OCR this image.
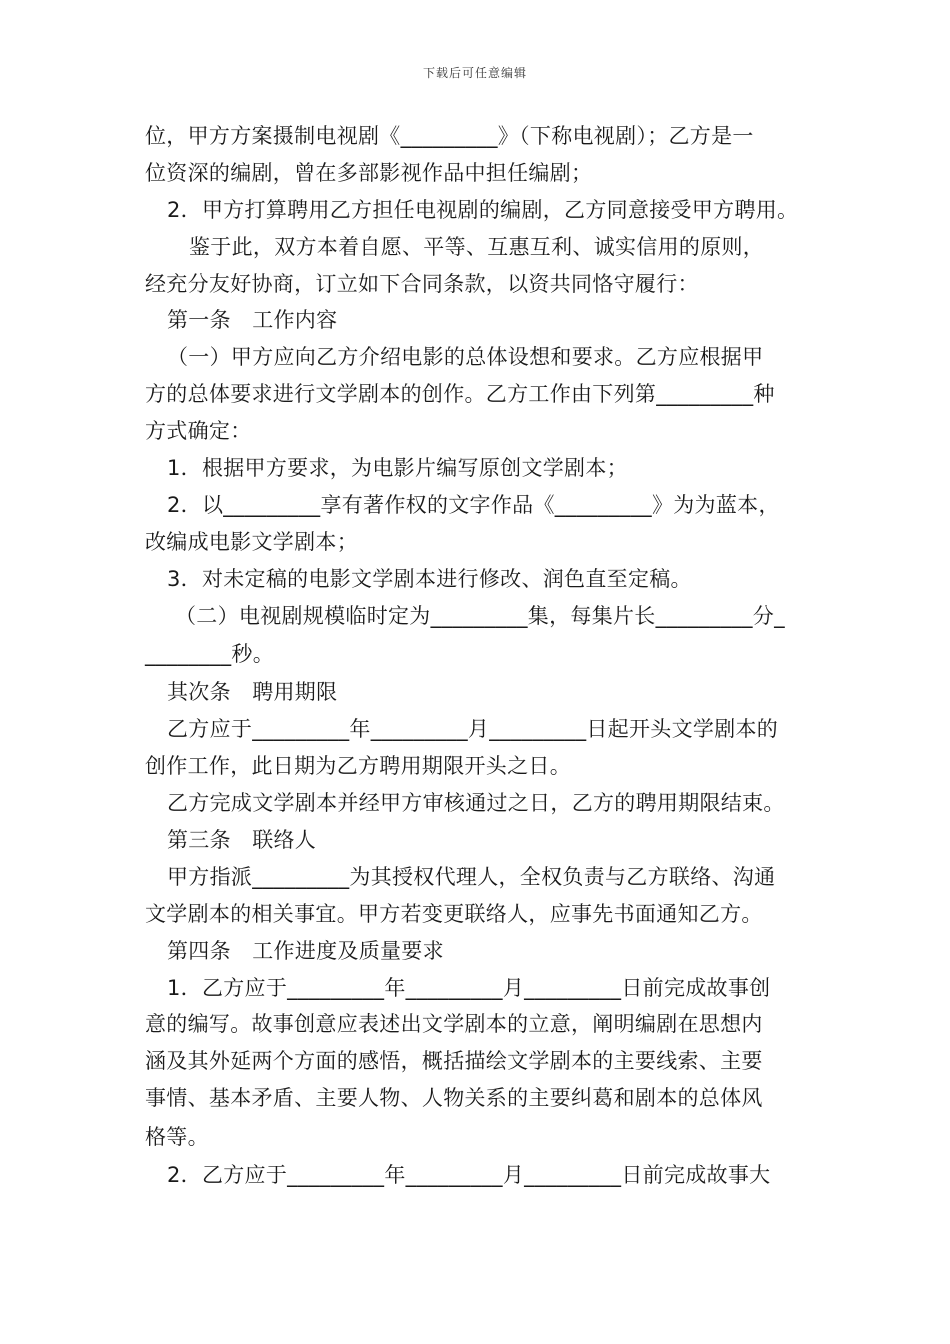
下载后可任意编辑
位，甲方方案摄制电视剧《_________》（下称电视剧）；乙方是一
位资深的编剧，曾在多部影视作品中担任编剧；
2．甲方打算聘用乙方担任电视剧的编剧，乙方同意接受甲方聘用。
鉴于此，双方本着自愿、平等、互惠互利、诚实信用的原则，
经充分友好协商，订立如下合同条款，以资共同恪守履行：
第一条　工作内容
（一）甲方应向乙方介绍电影的总体设想和要求。乙方应根据甲
方的总体要求进行文学剧本的创作。乙方工作由下列第_________种
方式确定：
1．根据甲方要求，为电影片编写原创文学剧本；
2．以_________享有著作权的文字作品《_________》为为蓝本，
改编成电影文学剧本；
3．对未定稿的电影文学剧本进行修改、润色直至定稿。
（二）电视剧规模临时定为_________集，每集片长_________分_
________秒。
其次条　聘用期限
乙方应于_________年_________月_________日起开头文学剧本的
创作工作，此日期为乙方聘用期限开头之日。
乙方完成文学剧本并经甲方审核通过之日，乙方的聘用期限结束。
第三条　联络人
甲方指派_________为其授权代理人，全权负责与乙方联络、沟通
文学剧本的相关事宜。甲方若变更联络人，应事先书面通知乙方。
第四条　工作进度及质量要求
1．乙方应于_________年_________月_________日前完成故事创
意的编写。故事创意应表述出文学剧本的立意，阐明编剧在思想内
涵及其外延两个方面的感悟，概括描绘文学剧本的主要线索、主要
事情、基本矛盾、主要人物、人物关系的主要纠葛和剧本的总体风
格等。
2．乙方应于_________年_________月_________日前完成故事大
